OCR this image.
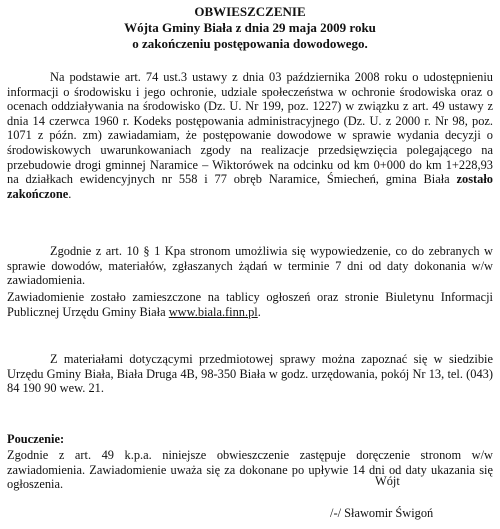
OBWIESZCZENIE
Wójta Gminy Biała z dnia 29 maja 2009 roku
o zakończeniu postępowania dowodowego.
Na podstawie art. 74 ust.3 ustawy z dnia 03 października 2008 roku o udostępnieniu informacji o środowisku i jego ochronie, udziale społeczeństwa w ochronie środowiska oraz o ocenach oddziaływania na środowisko (Dz. U. Nr 199, poz. 1227) w związku z art. 49 ustawy z dnia 14 czerwca 1960 r. Kodeks postępowania administracyjnego (Dz. U. z 2000 r. Nr 98, poz. 1071 z późn. zm) zawiadamiam, że postępowanie dowodowe w sprawie wydania decyzji o środowiskowych uwarunkowaniach zgody na realizacje przedsięwzięcia polegającego na przebudowie drogi gminnej Naramice – Wiktorówek na odcinku od km 0+000 do km 1+228,93 na działkach ewidencyjnych nr 558 i 77 obręb Naramice, Śmiecheń, gmina Biała zostało zakończone.
Zgodnie z art. 10 § 1 Kpa stronom umożliwia się wypowiedzenie, co do zebranych w sprawie dowodów, materiałów, zgłaszanych żądań w terminie 7 dni od daty dokonania w/w zawiadomienia.
Zawiadomienie zostało zamieszczone na tablicy ogłoszeń oraz stronie Biuletynu Informacji Publicznej Urzędu Gminy Biała www.biala.finn.pl.
Z materiałami dotyczącymi przedmiotowej sprawy można zapoznać się w siedzibie Urzędu Gminy Biała, Biała Druga 4B, 98-350 Biała w godz. urzędowania, pokój Nr 13, tel. (043) 84 190 90 wew. 21.
Pouczenie:
Zgodnie z art. 49 k.p.a. niniejsze obwieszczenie zastępuje doręczenie stronom w/w zawiadomienia. Zawiadomienie uważa się za dokonane po upływie 14 dni od daty ukazania się ogłoszenia.	Wójt
/-/ Sławomir Świgoń
